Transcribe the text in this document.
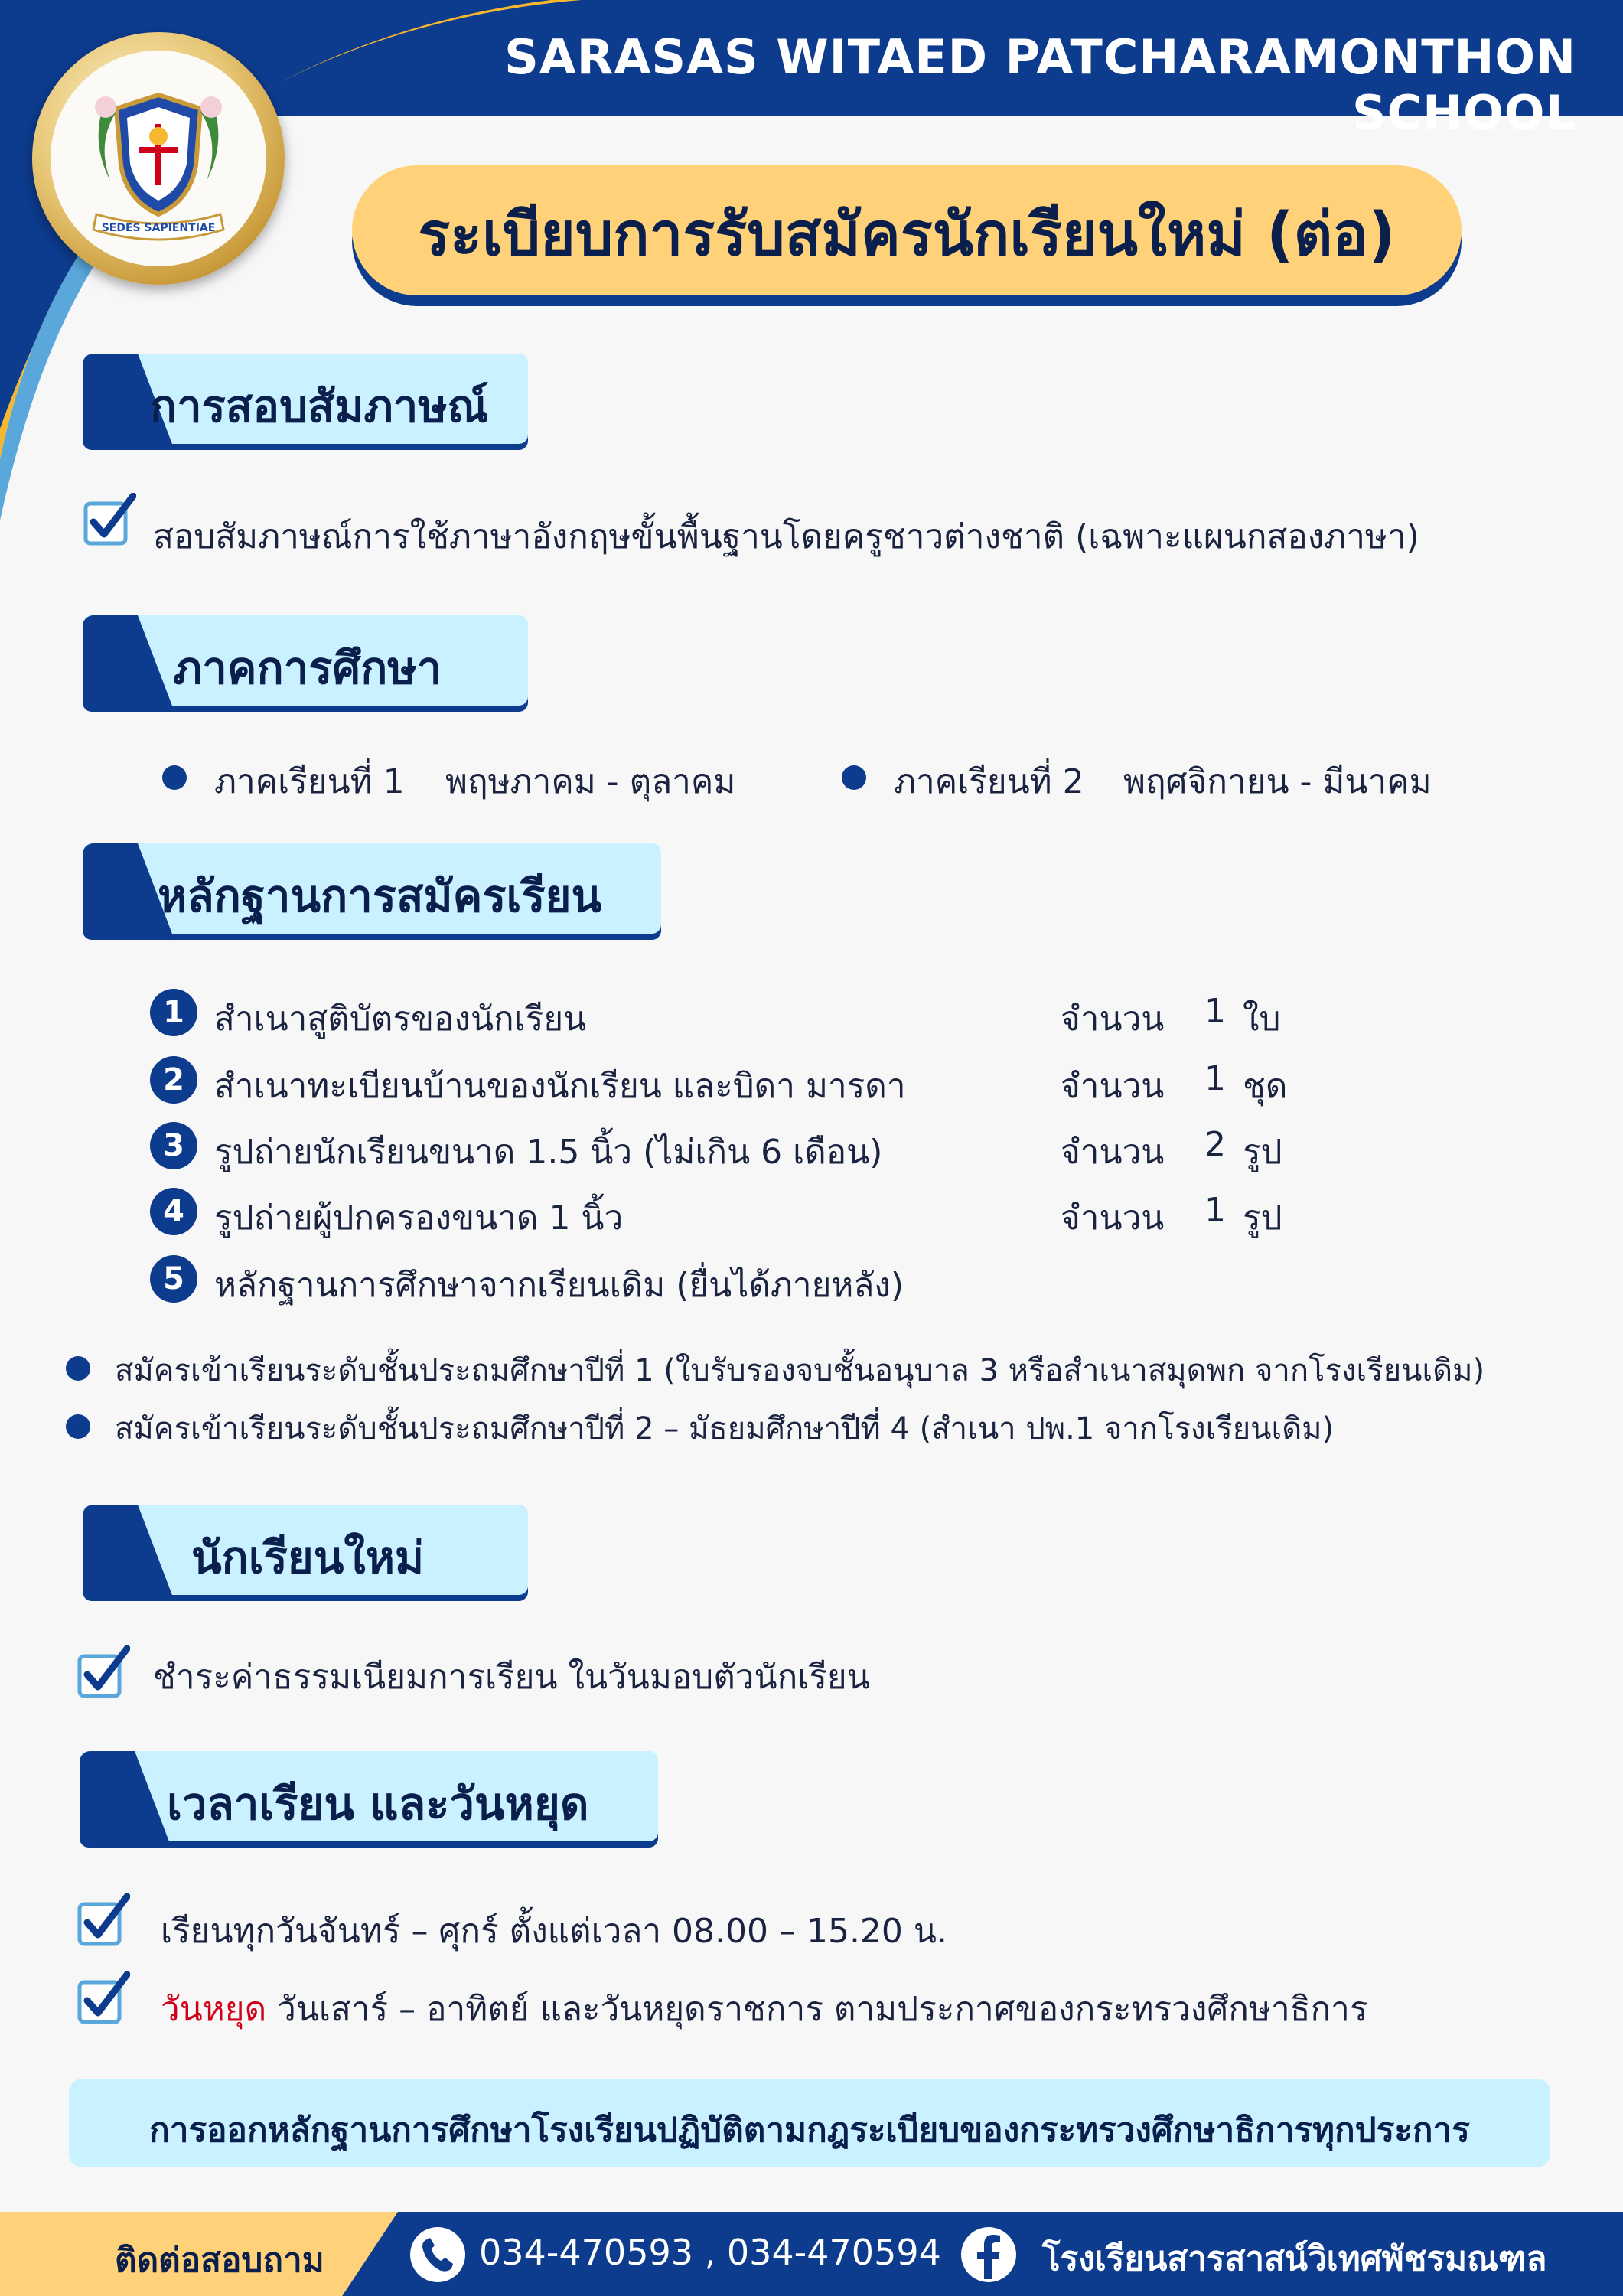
SARASAS WITAED PATCHARAMONTHON SCHOOL
SEDES SAPIENTIAE	ระเบียบการรับสมัครนักเรียนใหม่ (ต่อ)
การสอบสัมภาษณ์
สอบสัมภาษณ์การใช้ภาษาอังกฤษขั้นพื้นฐานโดยครูชาวต่างชาติ (เฉพาะแผนกสองภาษา)
ภาคการศึกษา
ภาคเรียนที่ 1 พฤษภาคม - ตุลาคม	ภาคเรียนที่ 2 พฤศจิกายน - มีนาคม
หลักฐานการสมัครเรียน
1 สำเนาสูติบัตรของนักเรียน	จำนวน 1 ใบ
2 สำเนาทะเบียนบ้านของนักเรียน และบิดา มารดา	จำนวน 1 ชุด
3 รูปถ่ายนักเรียนขนาด 1.5 นิ้ว (ไม่เกิน 6 เดือน)	จำนวน 2 รูป
4 รูปถ่ายผู้ปกครองขนาด 1 นิ้ว	จำนวน 1 รูป
5 หลักฐานการศึกษาจากเรียนเดิม (ยื่นได้ภายหลัง)
สมัครเข้าเรียนระดับชั้นประถมศึกษาปีที่ 1 (ใบรับรองจบชั้นอนุบาล 3 หรือสำเนาสมุดพก จากโรงเรียนเดิม)
สมัครเข้าเรียนระดับชั้นประถมศึกษาปีที่ 2 – มัธยมศึกษาปีที่ 4 (สำเนา ปพ.1 จากโรงเรียนเดิม)
นักเรียนใหม่
ชำระค่าธรรมเนียมการเรียน ในวันมอบตัวนักเรียน
เวลาเรียน และวันหยุด
เรียนทุกวันจันทร์ – ศุกร์ ตั้งแต่เวลา 08.00 – 15.20 น.
วันหยุด วันเสาร์ – อาทิตย์ และวันหยุดราชการ ตามประกาศของกระทรวงศึกษาธิการ
การออกหลักฐานการศึกษาโรงเรียนปฏิบัติตามกฎระเบียบของกระทรวงศึกษาธิการทุกประการ
ติดต่อสอบถาม	034-470593 , 034-470594	โรงเรียนสารสาสน์วิเทศพัชรมณฑล
